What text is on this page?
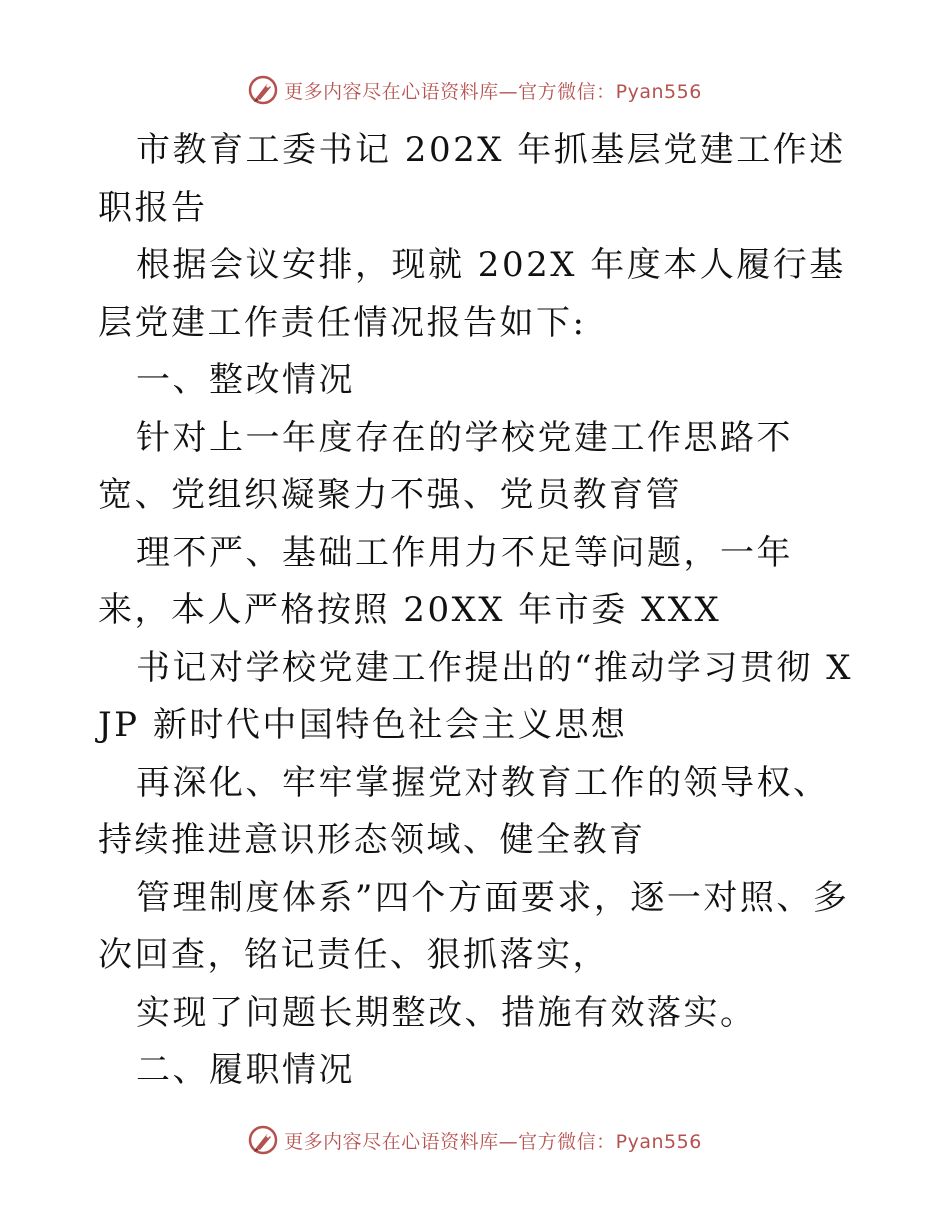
更多内容尽在心语资料库—官方微信：Pyan556

市教育工委书记 202X 年抓基层党建工作述职报告

根据会议安排，现就 202X 年度本人履行基层党建工作责任情况报告如下:

一、整改情况

针对上一年度存在的学校党建工作思路不宽、党组织凝聚力不强、党员教育管

理不严、基础工作用力不足等问题，一年来，本人严格按照 20XX 年市委 XXX

书记对学校党建工作提出的“推动学习贯彻 XJP 新时代中国特色社会主义思想

再深化、牢牢掌握党对教育工作的领导权、持续推进意识形态领域、健全教育

管理制度体系”四个方面要求，逐一对照、多次回查，铭记责任、狠抓落实，

实现了问题长期整改、措施有效落实。

二、履职情况

更多内容尽在心语资料库—官方微信：Pyan556
